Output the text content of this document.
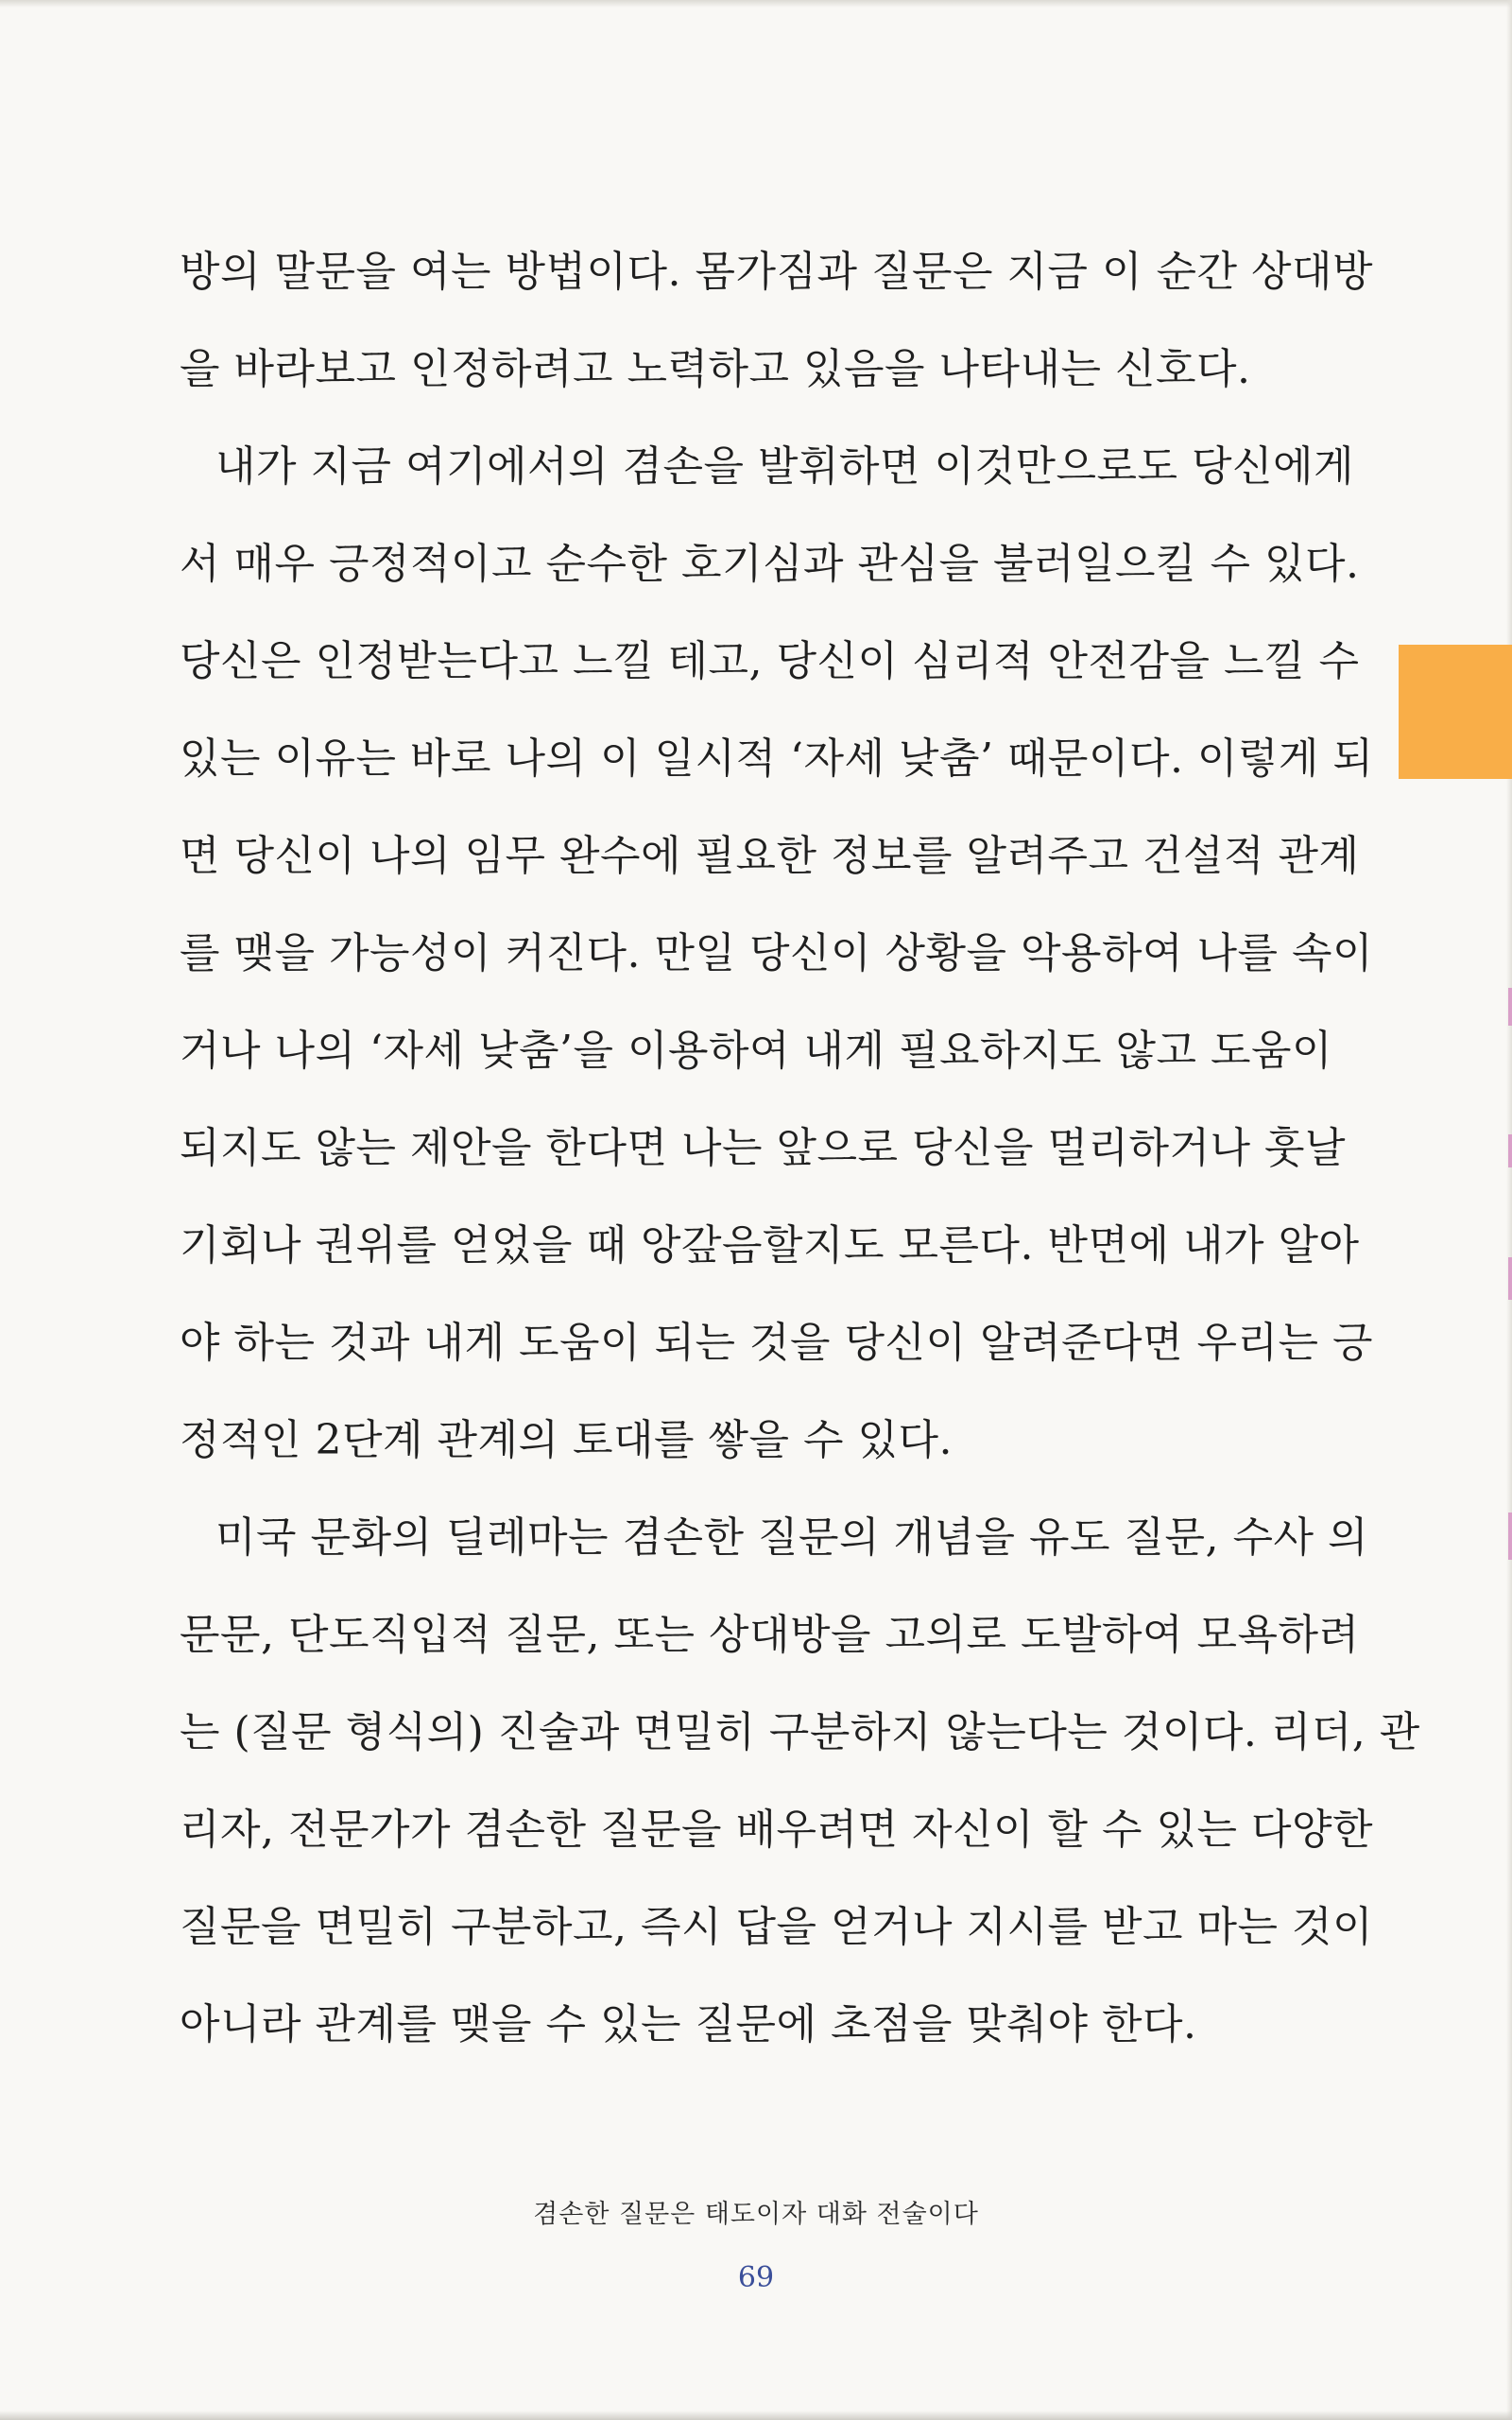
방의 말문을 여는 방법이다. 몸가짐과 질문은 지금 이 순간 상대방
을 바라보고 인정하려고 노력하고 있음을 나타내는 신호다.
내가 지금 여기에서의 겸손을 발휘하면 이것만으로도 당신에게
서 매우 긍정적이고 순수한 호기심과 관심을 불러일으킬 수 있다.
당신은 인정받는다고 느낄 테고, 당신이 심리적 안전감을 느낄 수
있는 이유는 바로 나의 이 일시적 ‘자세 낮춤’ 때문이다. 이렇게 되
면 당신이 나의 임무 완수에 필요한 정보를 알려주고 건설적 관계
를 맺을 가능성이 커진다. 만일 당신이 상황을 악용하여 나를 속이
거나 나의 ‘자세 낮춤’을 이용하여 내게 필요하지도 않고 도움이
되지도 않는 제안을 한다면 나는 앞으로 당신을 멀리하거나 훗날
기회나 권위를 얻었을 때 앙갚음할지도 모른다. 반면에 내가 알아
야 하는 것과 내게 도움이 되는 것을 당신이 알려준다면 우리는 긍
정적인 2단계 관계의 토대를 쌓을 수 있다.
미국 문화의 딜레마는 겸손한 질문의 개념을 유도 질문, 수사 의
문문, 단도직입적 질문, 또는 상대방을 고의로 도발하여 모욕하려
는 (질문 형식의) 진술과 면밀히 구분하지 않는다는 것이다. 리더, 관
리자, 전문가가 겸손한 질문을 배우려면 자신이 할 수 있는 다양한
질문을 면밀히 구분하고, 즉시 답을 얻거나 지시를 받고 마는 것이
아니라 관계를 맺을 수 있는 질문에 초점을 맞춰야 한다.
겸손한 질문은 태도이자 대화 전술이다
69
